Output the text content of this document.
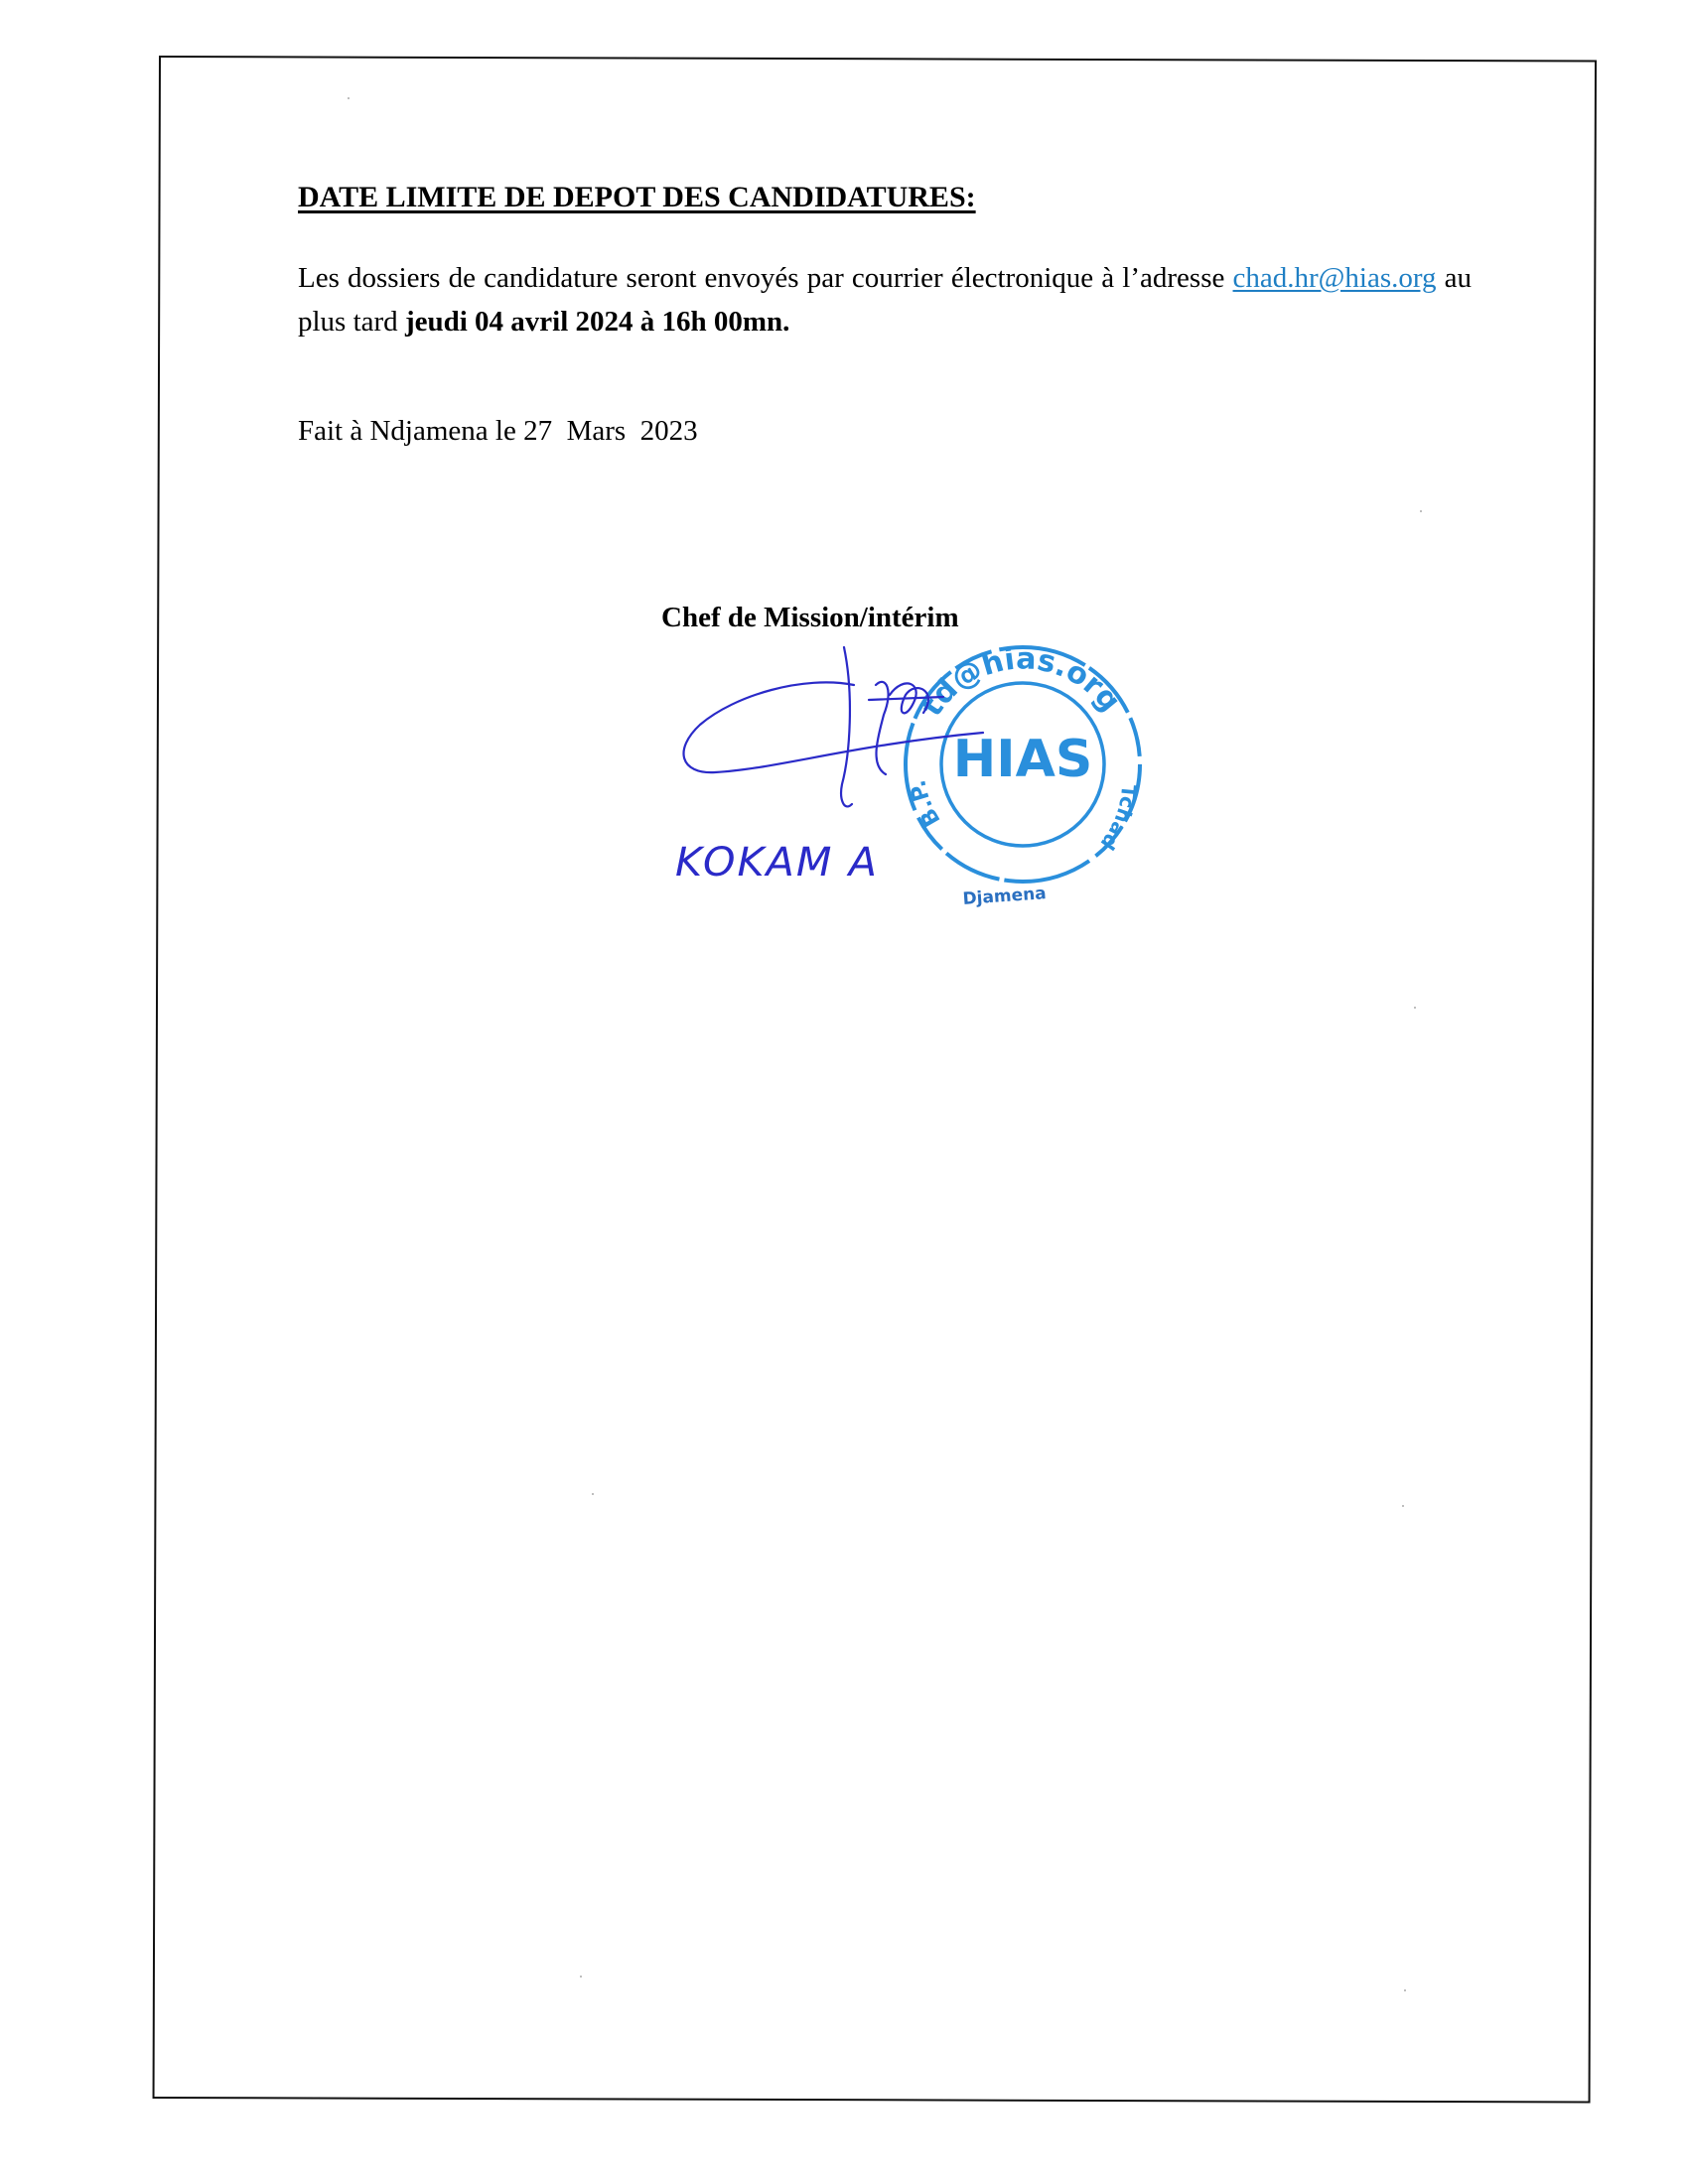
DATE LIMITE DE DEPOT DES CANDIDATURES:
Les dossiers de candidature seront envoyés par courrier électronique à l’adresse chad.hr@hias.org au plus tard jeudi 04 avril 2024 à 16h 00mn.
Fait à Ndjamena le 27  Mars  2023
Chef de Mission/intérim
HIAS
td@hias.org
B.P.	Tchad
Djamena
KOKAM A
